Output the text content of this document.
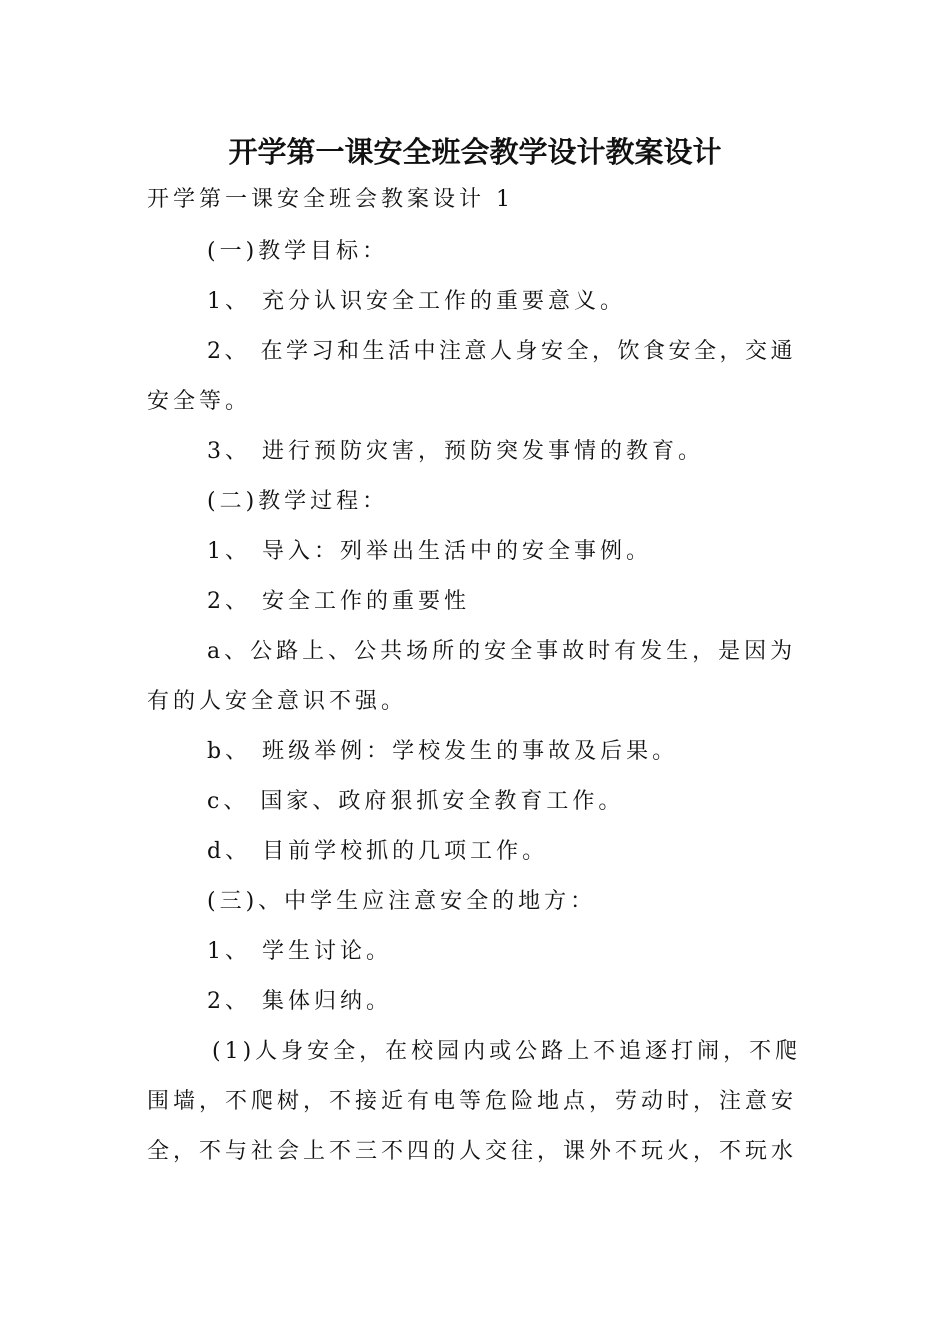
开学第一课安全班会教学设计教案设计
开学第一课安全班会教案设计 1
(一)教学目标：
1、 充分认识安全工作的重要意义。
2、 在学习和生活中注意人身安全，饮食安全，交通
安全等。
3、 进行预防灾害，预防突发事情的教育。
(二)教学过程：
1、 导入：列举出生活中的安全事例。
2、 安全工作的重要性
a、公路上、公共场所的安全事故时有发生，是因为
有的人安全意识不强。
b、 班级举例：学校发生的事故及后果。
c、 国家、政府狠抓安全教育工作。
d、 目前学校抓的几项工作。
(三)、中学生应注意安全的地方：
1、 学生讨论。
2、 集体归纳。
(1)人身安全，在校园内或公路上不追逐打闹，不爬
围墙，不爬树，不接近有电等危险地点，劳动时，注意安
全，不与社会上不三不四的人交往，课外不玩火，不玩水
